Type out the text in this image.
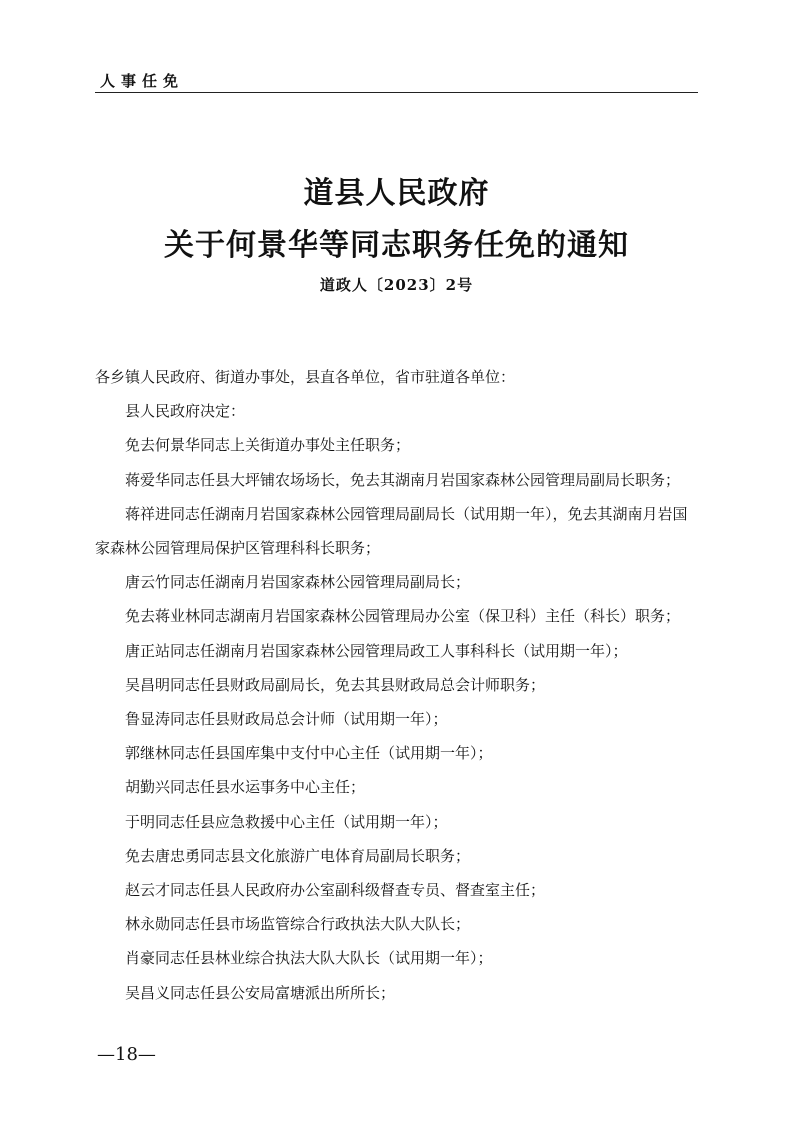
人事任免
道县人民政府
关于何景华等同志职务任免的通知
道政人〔2023〕2号

各乡镇人民政府、街道办事处，县直各单位，省市驻道各单位：

县人民政府决定：

免去何景华同志上关街道办事处主任职务；

蒋爱华同志任县大坪铺农场场长，免去其湖南月岩国家森林公园管理局副局长职务；

蒋祥进同志任湖南月岩国家森林公园管理局副局长（试用期一年），免去其湖南月岩国家森林公园管理局保护区管理科科长职务；

唐云竹同志任湖南月岩国家森林公园管理局副局长；

免去蒋业林同志湖南月岩国家森林公园管理局办公室（保卫科）主任（科长）职务；

唐正站同志任湖南月岩国家森林公园管理局政工人事科科长（试用期一年）；

吴昌明同志任县财政局副局长，免去其县财政局总会计师职务；

鲁显涛同志任县财政局总会计师（试用期一年）；

郭继林同志任县国库集中支付中心主任（试用期一年）；

胡勤兴同志任县水运事务中心主任；

于明同志任县应急救援中心主任（试用期一年）；

免去唐忠勇同志县文化旅游广电体育局副局长职务；

赵云才同志任县人民政府办公室副科级督查专员、督查室主任；

林永勋同志任县市场监管综合行政执法大队大队长；

肖豪同志任县林业综合执法大队大队长（试用期一年）；

吴昌义同志任县公安局富塘派出所所长；

—18—
